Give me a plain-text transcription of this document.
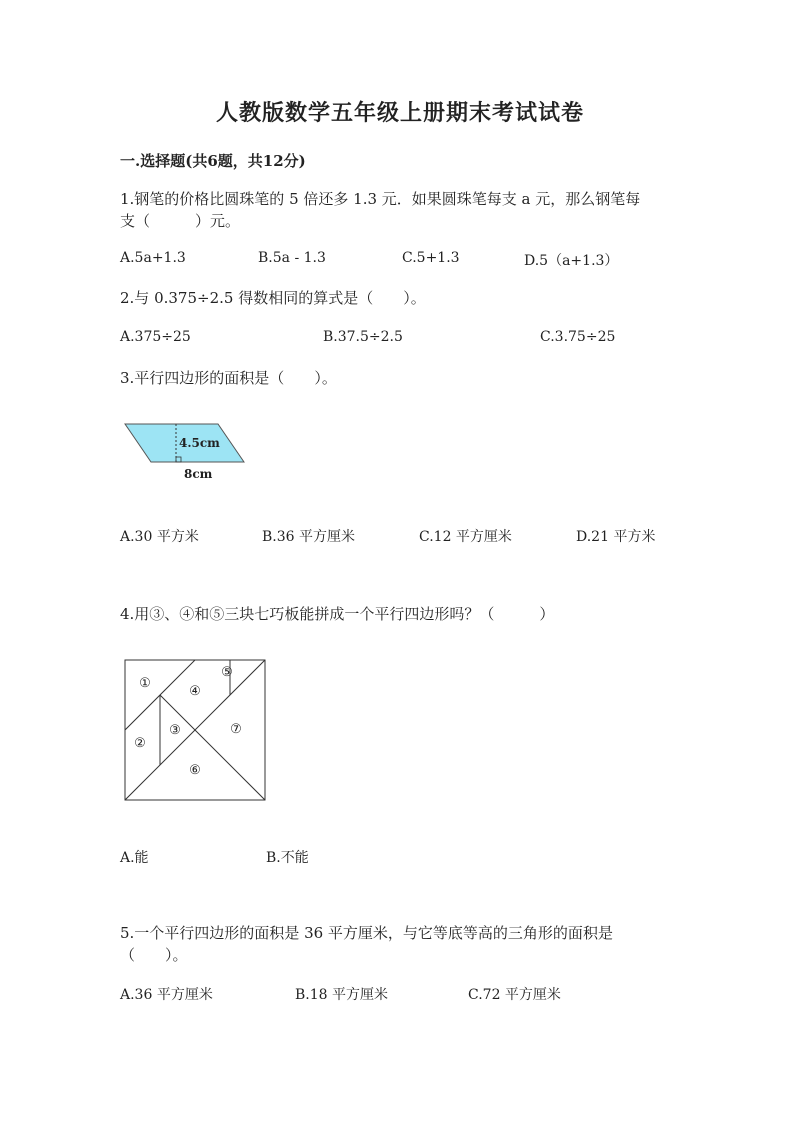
人教版数学五年级上册期末考试试卷
一.选择题(共6题，共12分)
1.钢笔的价格比圆珠笔的 5 倍还多 1.3 元．如果圆珠笔每支 a 元，那么钢笔每
支（　　　）元。
A.5a+1.3	B.5a - 1.3	C.5+1.3	D.5（a+1.3）
2.与 0.375÷2.5 得数相同的算式是（　　）。
A.375÷25	B.37.5÷2.5	C.3.75÷25
3.平行四边形的面积是（　　）。
4.5cm
8cm
A.30 平方米	B.36 平方厘米	C.12 平方厘米	D.21 平方米
4.用③、④和⑤三块七巧板能拼成一个平行四边形吗？（　　　）
①
②
③
④
⑤
⑥
⑦
A.能	B.不能
5.一个平行四边形的面积是 36 平方厘米，与它等底等高的三角形的面积是
（　　）。
A.36 平方厘米	B.18 平方厘米	C.72 平方厘米
